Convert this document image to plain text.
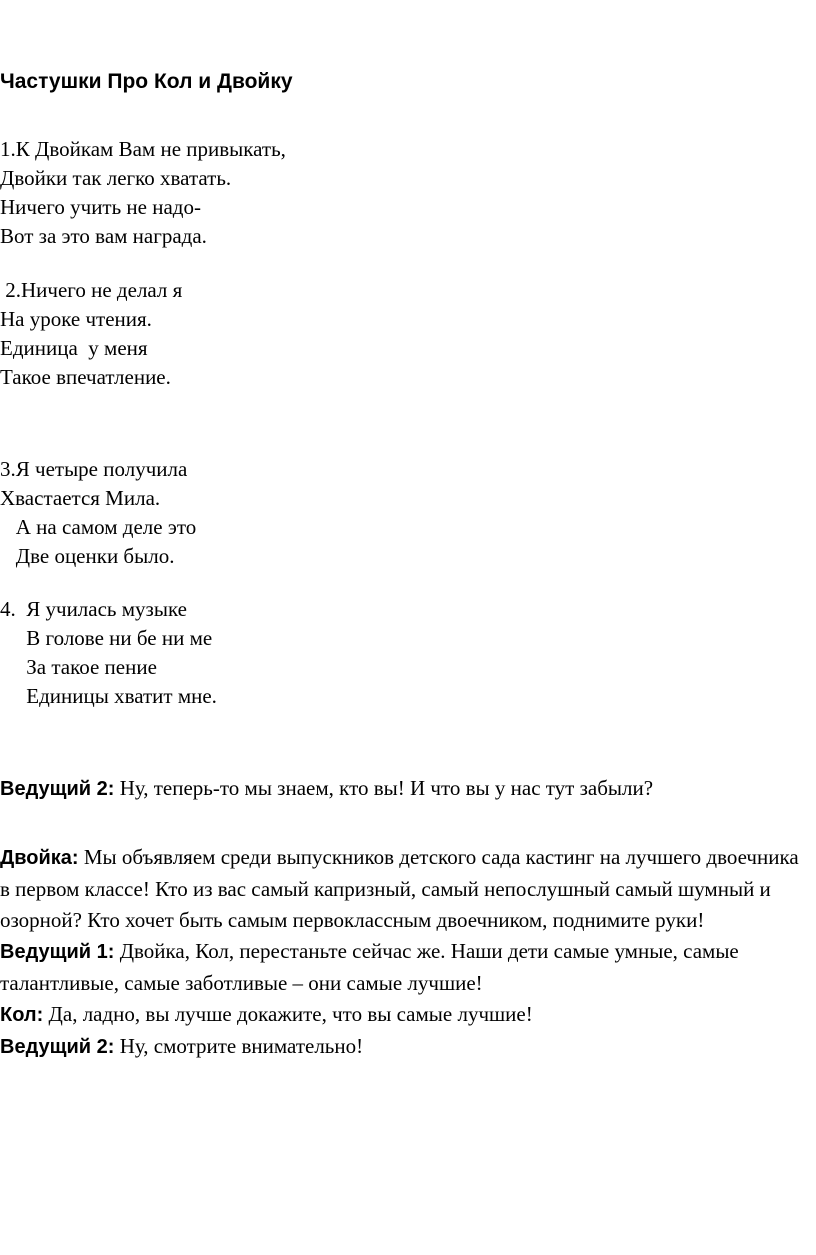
Частушки Про Кол и Двойку
1.К Двойкам Вам не привыкать,
Двойки так легко хватать.
Ничего учить не надо-
Вот за это вам награда.
2.Ничего не делал я
На уроке чтения.
Единица  у меня
Такое впечатление.
3.Я четыре получила
Хвастается Мила.
А на самом деле это
Две оценки было.
4.  Я училась музыке
В голове ни бе ни ме
За такое пение
Единицы хватит мне.

Ведущий 2: Ну, теперь-то мы знаем, кто вы! И что вы у нас тут забыли?

Двойка: Мы объявляем среди выпускников детского сада кастинг на лучшего двоечника в первом классе! Кто из вас самый капризный, самый непослушный самый шумный и озорной? Кто хочет быть самым первоклассным двоечником, поднимите руки!

Ведущий 1: Двойка, Кол, перестаньте сейчас же. Наши дети самые умные, самые талантливые, самые заботливые – они самые лучшие!

Кол: Да, ладно, вы лучше докажите, что вы самые лучшие!

Ведущий 2: Ну, смотрите внимательно!
